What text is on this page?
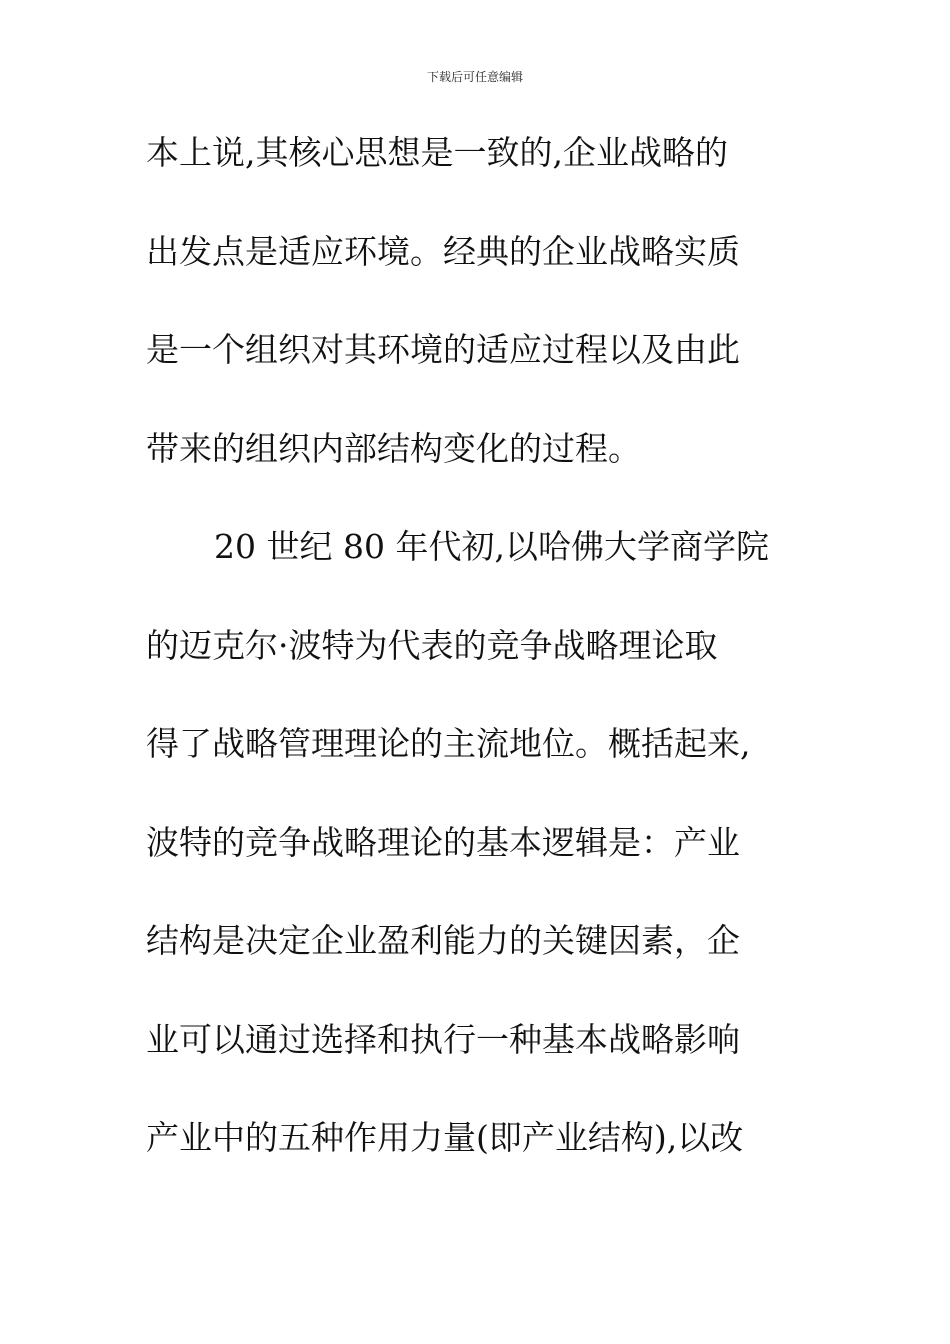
下载后可任意编辑
本上说,其核心思想是一致的,企业战略的
出发点是适应环境。经典的企业战略实质
是一个组织对其环境的适应过程以及由此
带来的组织内部结构变化的过程。
20 世纪 80 年代初,以哈佛大学商学院
的迈克尔·波特为代表的竞争战略理论取
得了战略管理理论的主流地位。概括起来,
波特的竞争战略理论的基本逻辑是：产业
结构是决定企业盈利能力的关键因素，企
业可以通过选择和执行一种基本战略影响
产业中的五种作用力量(即产业结构),以改
